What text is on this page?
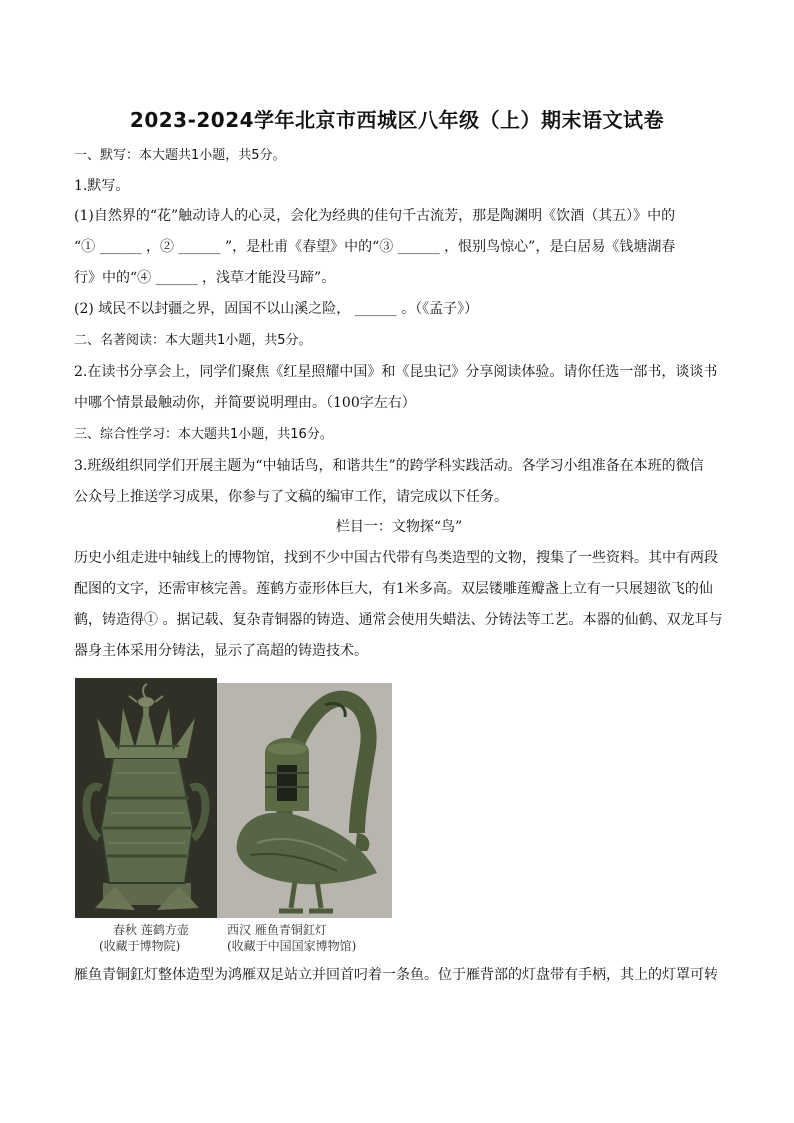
2023-2024学年北京市西城区八年级（上）期末语文试卷
一、默写：本大题共1小题，共5分。
1.默写。
(1)自然界的“花”触动诗人的心灵，会化为经典的佳句千古流芳，那是陶渊明《饮酒（其五）》中的
“① ______ ，② ______ ”，是杜甫《春望》中的“③ ______ ，恨别鸟惊心”，是白居易《钱塘湖春
行》中的“④ ______ ，浅草才能没马蹄”。
(2) 域民不以封疆之界，固国不以山溪之险， ______ 。（《孟子》）
二、名著阅读：本大题共1小题，共5分。
2.在读书分享会上，同学们聚焦《红星照耀中国》和《昆虫记》分享阅读体验。请你任选一部书，谈谈书
中哪个情景最触动你，并简要说明理由。（100字左右）
三、综合性学习：本大题共1小题，共16分。
3.班级组织同学们开展主题为“中轴话鸟，和谐共生”的跨学科实践活动。各学习小组准备在本班的微信
公众号上推送学习成果，你参与了文稿的编审工作，请完成以下任务。
栏目一：文物探“鸟”
历史小组走进中轴线上的博物馆，找到不少中国古代带有鸟类造型的文物，搜集了一些资料。其中有两段
配图的文字，还需审核完善。莲鹤方壶形体巨大，有1米多高。双层镂雕莲瓣盏上立有一只展翅欲飞的仙
鹤，铸造得① 。据记载、复杂青铜器的铸造、通常会使用失蜡法、分铸法等工艺。本器的仙鹤、双龙耳与
器身主体采用分铸法，显示了高超的铸造技术。
春秋 莲鹤方壶
(收藏于博物院)
西汉 雁鱼青铜釭灯
(收藏于中国国家博物馆)
雁鱼青铜釭灯整体造型为鸿雁双足站立并回首叼着一条鱼。位于雁背部的灯盘带有手柄，其上的灯罩可转
